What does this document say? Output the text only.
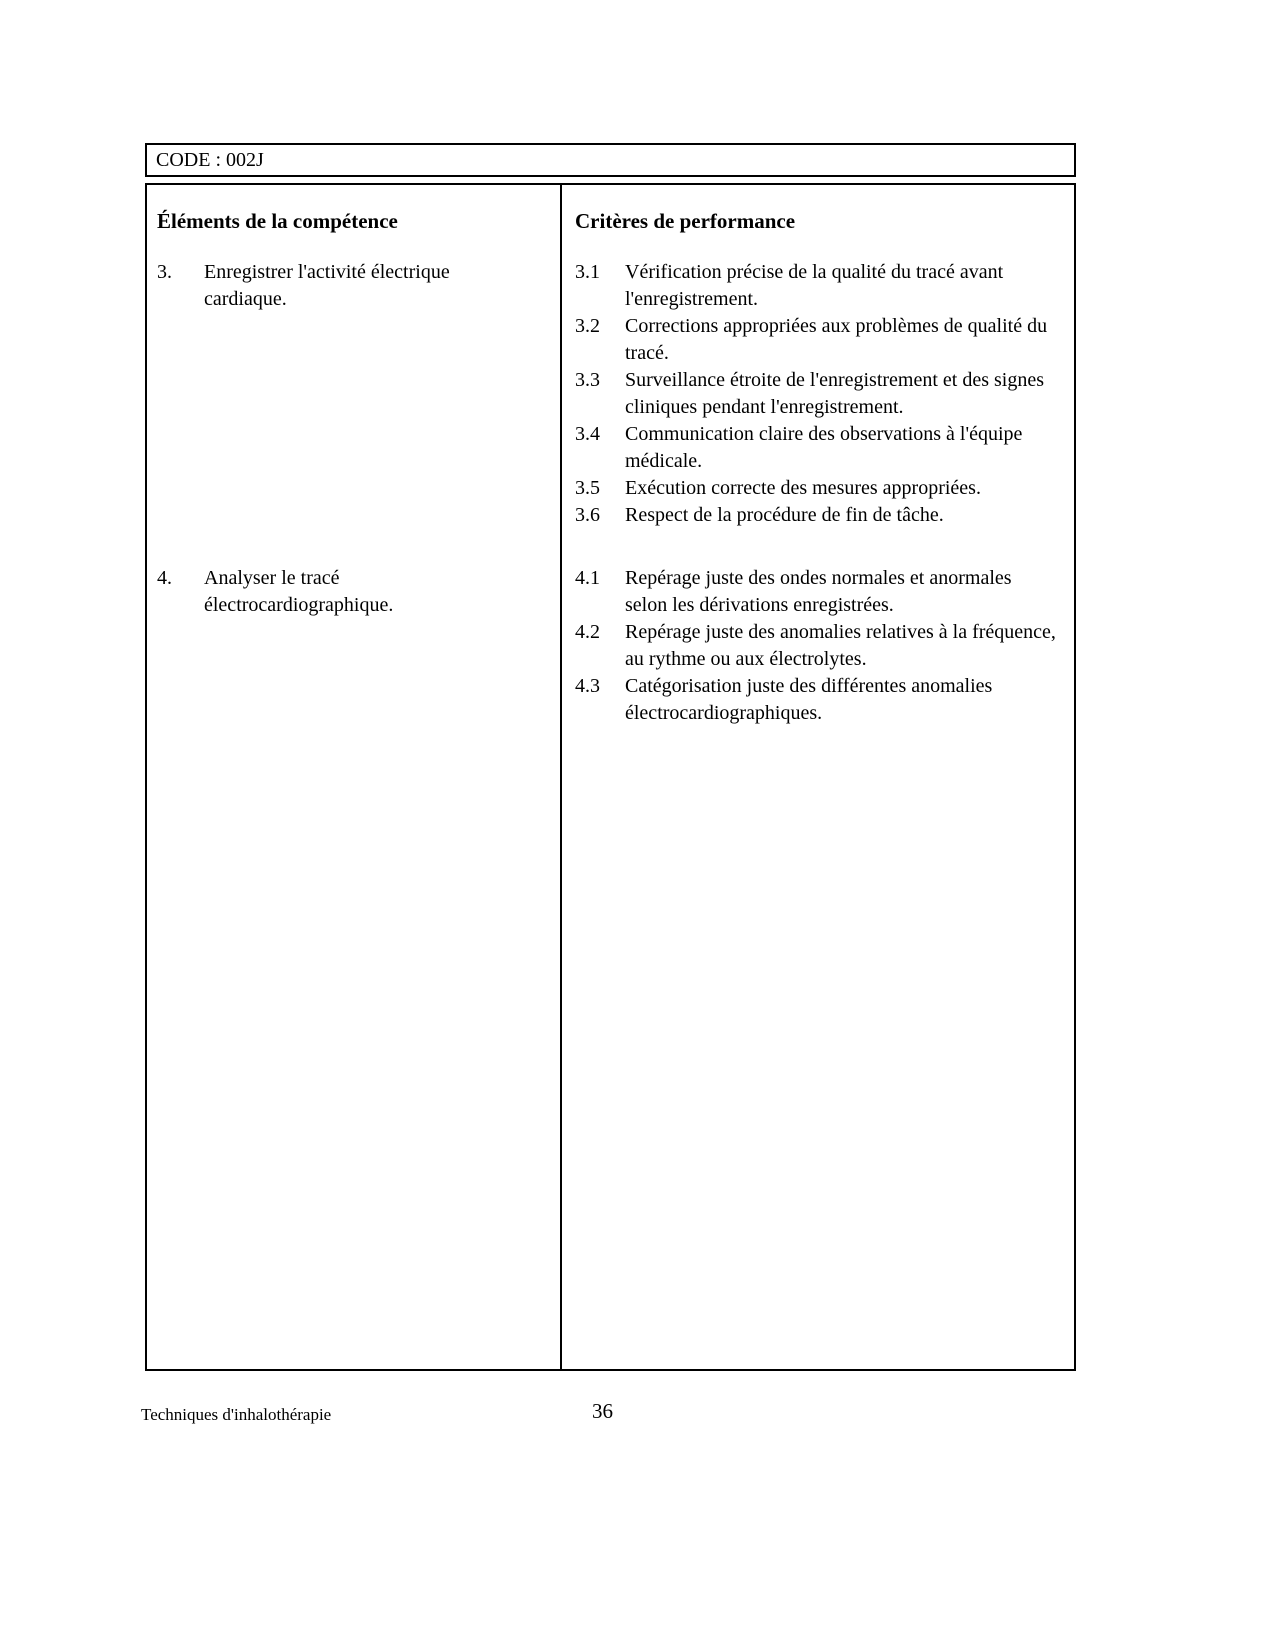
CODE : 002J
Éléments de la compétence	Critères de performance
3.	Enregistrer l'activité électrique cardiaque.
3.1	Vérification précise de la qualité du tracé avant l'enregistrement.
3.2	Corrections appropriées aux problèmes de qualité du tracé.
3.3	Surveillance étroite de l'enregistrement et des signes cliniques pendant l'enregistrement.
3.4	Communication claire des observations à l'équipe médicale.
3.5	Exécution correcte des mesures appropriées.
3.6	Respect de la procédure de fin de tâche.
4.	Analyser le tracé électrocardiographique.
4.1	Repérage juste des ondes normales et anormales selon les dérivations enregistrées.
4.2	Repérage juste des anomalies relatives à la fréquence, au rythme ou aux électrolytes.
4.3	Catégorisation juste des différentes anomalies électrocardiographiques.
Techniques d'inhalothérapie	36
